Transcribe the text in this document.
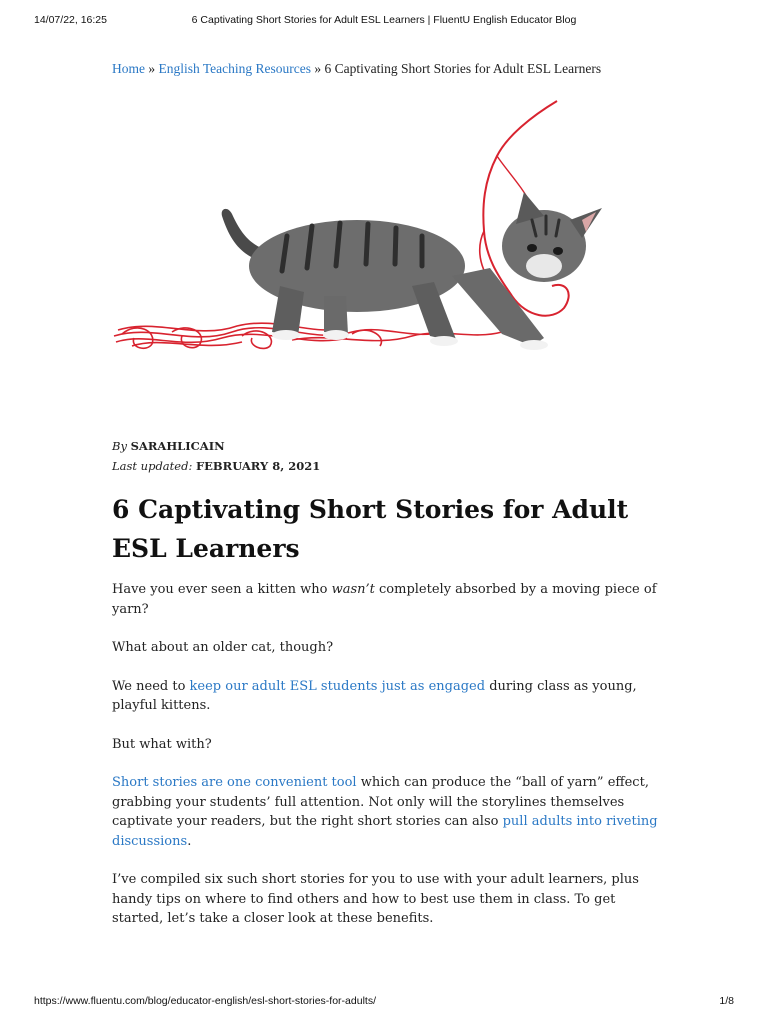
14/07/22, 16:25	6 Captivating Short Stories for Adult ESL Learners | FluentU English Educator Blog
Home » English Teaching Resources » 6 Captivating Short Stories for Adult ESL Learners
By SARAHLICAIN
Last updated: FEBRUARY 8, 2021
6 Captivating Short Stories for Adult ESL Learners

Have you ever seen a kitten who wasn’t completely absorbed by a moving piece of yarn?

What about an older cat, though?

We need to keep our adult ESL students just as engaged during class as young, playful kittens.

But what with?

Short stories are one convenient tool which can produce the “ball of yarn” effect, grabbing your students’ full attention. Not only will the storylines themselves captivate your readers, but the right short stories can also pull adults into riveting discussions.

I’ve compiled six such short stories for you to use with your adult learners, plus handy tips on where to find others and how to best use them in class. To get started, let’s take a closer look at these benefits.

https://www.fluentu.com/blog/educator-english/esl-short-stories-for-adults/	1/8
